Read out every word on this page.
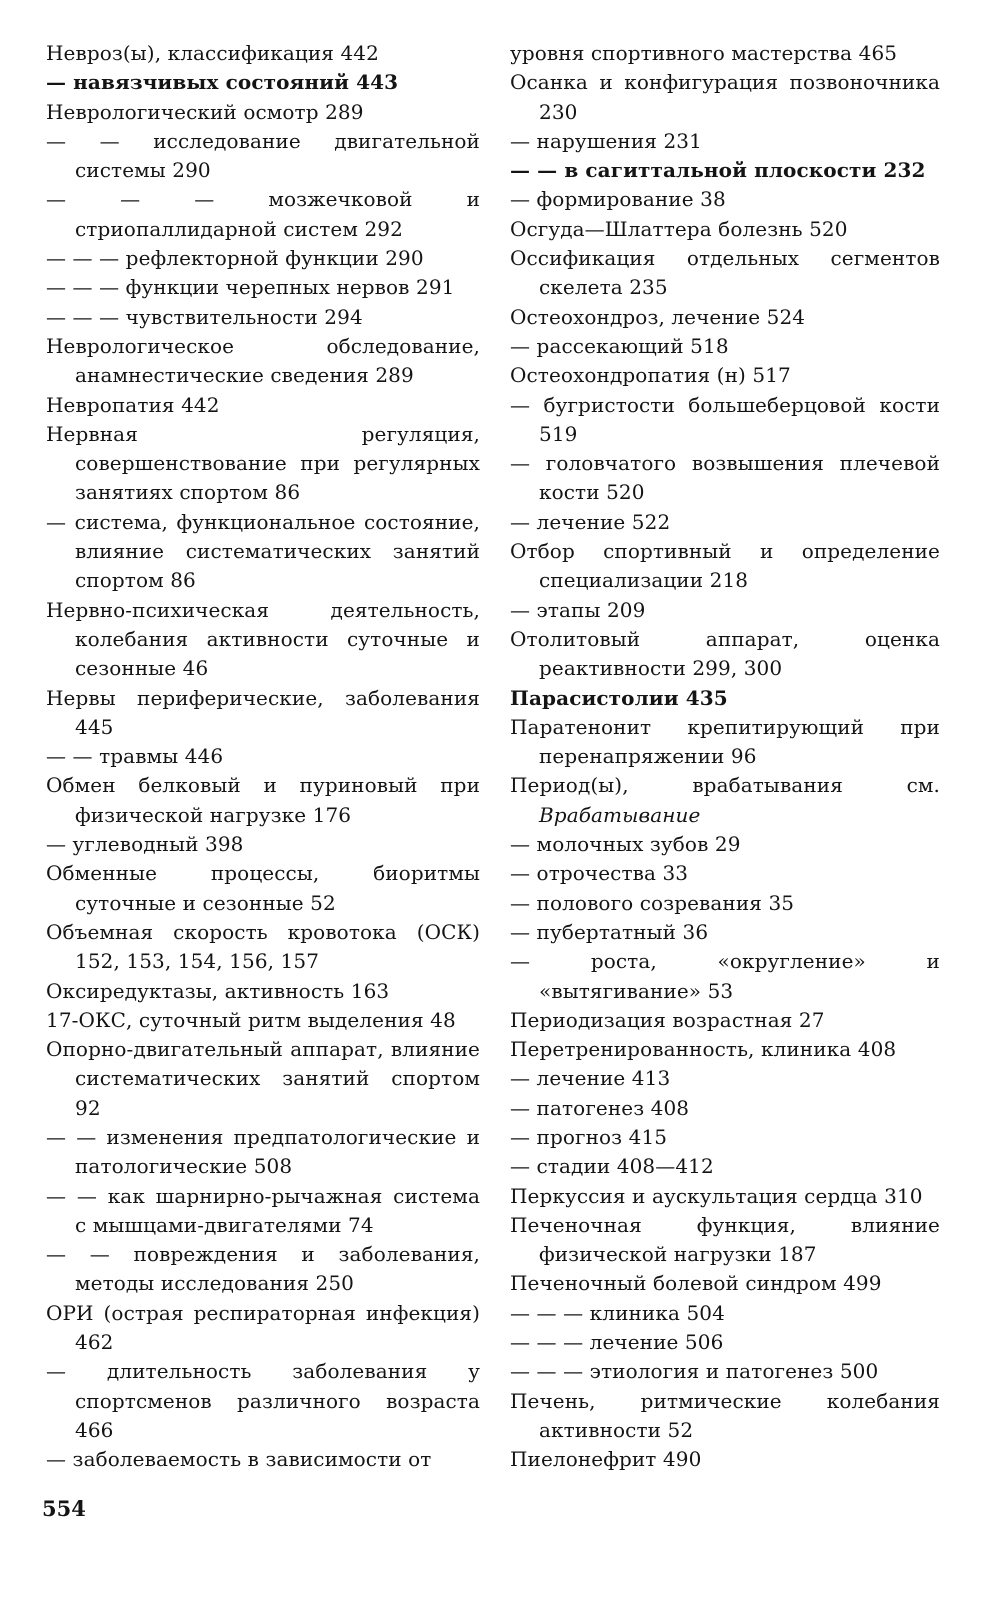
Невроз(ы), классификация 442

— навязчивых состояний 443

Неврологический осмотр 289

— — исследование двигательной системы 290

— — — мозжечковой и стриопаллидарной систем 292

— — — рефлекторной функции 290

— — — функции черепных нервов 291

— — — чувствительности 294

Неврологическое обследование, анамнестические сведения 289

Невропатия 442

Нервная регуляция, совершенствование при регулярных занятиях спортом 86

— система, функциональное состояние, влияние систематических занятий спортом 86

Нервно-психическая деятельность, колебания активности суточные и сезонные 46

Нервы периферические, заболевания 445

— — травмы 446

Обмен белковый и пуриновый при физической нагрузке 176

— углеводный 398

Обменные процессы, биоритмы суточные и сезонные 52

Объемная скорость кровотока (ОСК) 152, 153, 154, 156, 157

Оксиредуктазы, активность 163

17-ОКС, суточный ритм выделения 48

Опорно-двигательный аппарат, влияние систематических занятий спортом 92

— — изменения предпатологические и патологические 508

— — как шарнирно-рычажная система с мышцами-двигателями 74

— — повреждения и заболевания, методы исследования 250

ОРИ (острая респираторная инфекция) 462

— длительность заболевания у спортсменов различного возраста 466

— заболеваемость в зависимости от

уровня спортивного мастерства 465

Осанка и конфигурация позвоночника 230

— нарушения 231

— — в сагиттальной плоскости 232

— формирование 38

Осгуда—Шлаттера болезнь 520

Оссификация отдельных сегментов скелета 235

Остеохондроз, лечение 524

— рассекающий 518

Остеохондропатия (н) 517

— бугристости большеберцовой кости 519

— головчатого возвышения плечевой кости 520

— лечение 522

Отбор спортивный и определение специализации 218

— этапы 209

Отолитовый аппарат, оценка реактивности 299, 300

Парасистолии 435

Паратенонит крепитирующий при перенапряжении 96

Период(ы), врабатывания см. Врабатывание

— молочных зубов 29

— отрочества 33

— полового созревания 35

— пубертатный 36

— роста, «округление» и «вытягивание» 53

Периодизация возрастная 27

Перетренированность, клиника 408

— лечение 413

— патогенез 408

— прогноз 415

— стадии 408—412

Перкуссия и аускультация сердца 310

Печеночная функция, влияние физической нагрузки 187

Печеночный болевой синдром 499

— — — клиника 504

— — — лечение 506

— — — этиология и патогенез 500

Печень, ритмические колебания активности 52

Пиелонефрит 490

554
